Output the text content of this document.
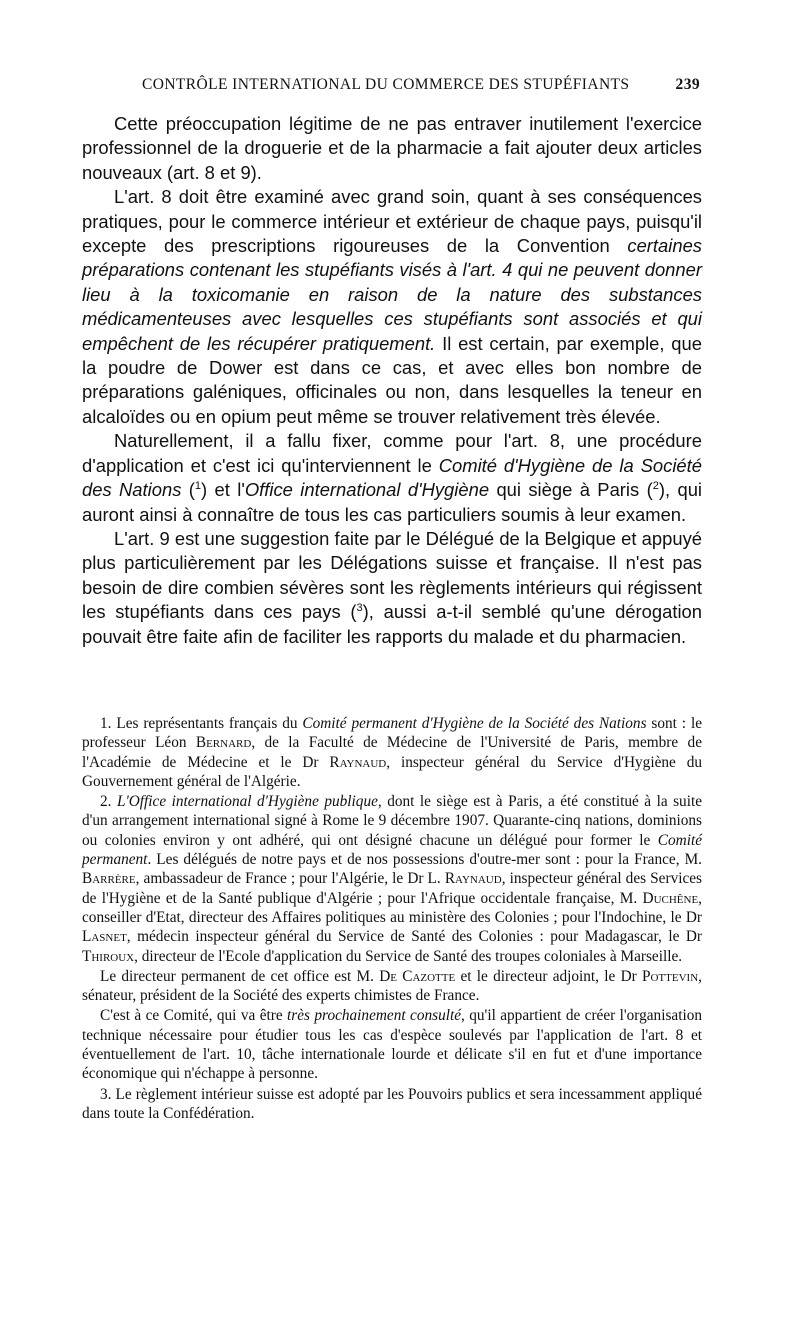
CONTRÔLE INTERNATIONAL DU COMMERCE DES STUPÉFIANTS	239

Cette préoccupation légitime de ne pas entraver inutilement l'exercice professionnel de la droguerie et de la pharmacie a fait ajouter deux articles nouveaux (art. 8 et 9).

L'art. 8 doit être examiné avec grand soin, quant à ses conséquences pratiques, pour le commerce intérieur et extérieur de chaque pays, puisqu'il excepte des prescriptions rigoureuses de la Convention certaines préparations contenant les stupéfiants visés à l'art. 4 qui ne peuvent donner lieu à la toxicomanie en raison de la nature des substances médicamenteuses avec lesquelles ces stupéfiants sont associés et qui empêchent de les récupérer pratiquement. Il est certain, par exemple, que la poudre de Dower est dans ce cas, et avec elles bon nombre de préparations galéniques, officinales ou non, dans lesquelles la teneur en alcaloïdes ou en opium peut même se trouver relativement très élevée.

Naturellement, il a fallu fixer, comme pour l'art. 8, une procédure d'application et c'est ici qu'interviennent le Comité d'Hygiène de la Société des Nations ($^1$) et l'Office international d'Hygiène qui siège à Paris ($^2$), qui auront ainsi à connaître de tous les cas particuliers soumis à leur examen.

L'art. 9 est une suggestion faite par le Délégué de la Belgique et appuyé plus particulièrement par les Délégations suisse et française. Il n'est pas besoin de dire combien sévères sont les règlements intérieurs qui régissent les stupéfiants dans ces pays ($^3$), aussi a-t-il semblé qu'une dérogation pouvait être faite afin de faciliter les rapports du malade et du pharmacien.

1. Les représentants français du Comité permanent d'Hygiène de la Société des Nations sont : le professeur Léon Bernard, de la Faculté de Médecine de l'Université de Paris, membre de l'Académie de Médecine et le Dr Raynaud, inspecteur général du Service d'Hygiène du Gouvernement général de l'Algérie.

2. L'Office international d'Hygiène publique, dont le siège est à Paris, a été constitué à la suite d'un arrangement international signé à Rome le 9 décembre 1907. Quarante-cinq nations, dominions ou colonies environ y ont adhéré, qui ont désigné chacune un délégué pour former le Comité permanent. Les délégués de notre pays et de nos possessions d'outre-mer sont : pour la France, M. Barrère, ambassadeur de France ; pour l'Algérie, le Dr L. Raynaud, inspecteur général des Services de l'Hygiène et de la Santé publique d'Algérie ; pour l'Afrique occidentale française, M. Duchêne, conseiller d'Etat, directeur des Affaires politiques au ministère des Colonies ; pour l'Indochine, le Dr Lasnet, médecin inspecteur général du Service de Santé des Colonies : pour Madagascar, le Dr Thiroux, directeur de l'Ecole d'application du Service de Santé des troupes coloniales à Marseille.

Le directeur permanent de cet office est M. De Cazotte et le directeur adjoint, le Dr Pottevin, sénateur, président de la Société des experts chimistes de France.

C'est à ce Comité, qui va être très prochainement consulté, qu'il appartient de créer l'organisation technique nécessaire pour étudier tous les cas d'espèce soulevés par l'application de l'art. 8 et éventuellement de l'art. 10, tâche internationale lourde et délicate s'il en fut et d'une importance économique qui n'échappe à personne.

3. Le règlement intérieur suisse est adopté par les Pouvoirs publics et sera incessamment appliqué dans toute la Confédération.
